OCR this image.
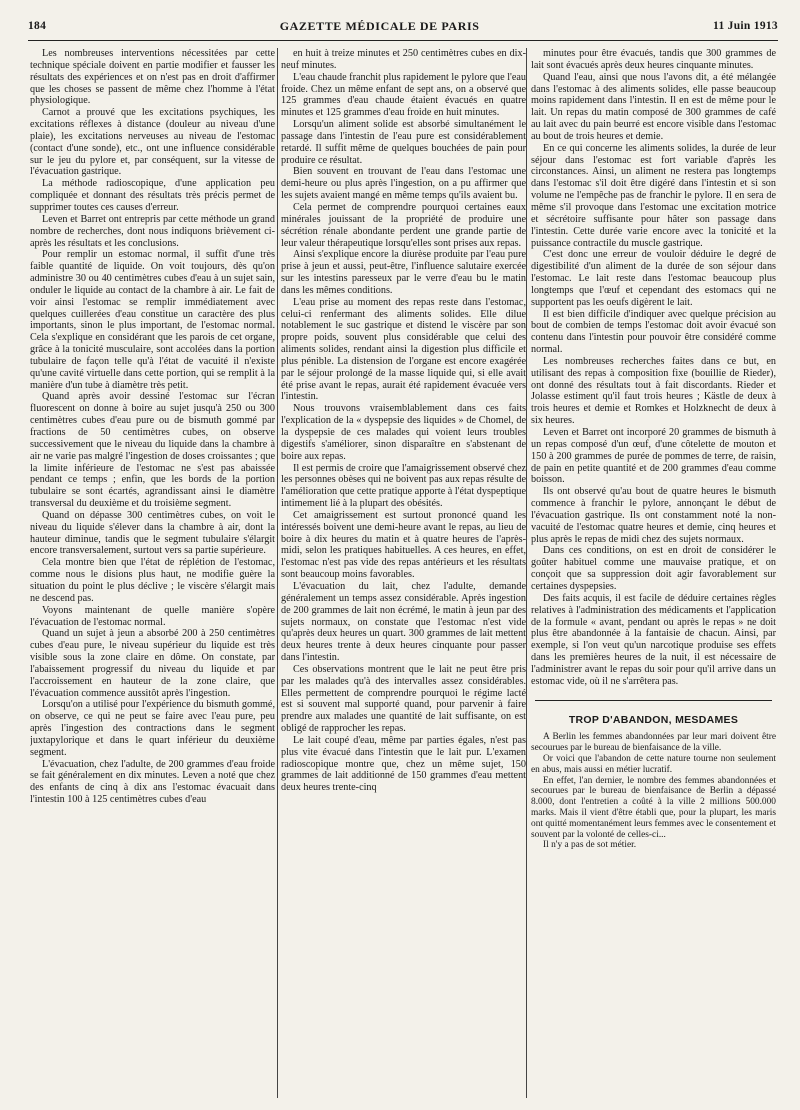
184	GAZETTE MÉDICALE DE PARIS	11 Juin 1913

Les nombreuses interventions nécessitées par cette technique spéciale doivent en partie modifier et fausser les résultats des expériences et on n'est pas en droit d'affirmer que les choses se passent de même chez l'homme à l'état physiologique.

Carnot a prouvé que les excitations psychiques, les excitations réflexes à distance (douleur au niveau d'une plaie), les excitations nerveuses au niveau de l'estomac (contact d'une sonde), etc., ont une influence considérable sur le jeu du pylore et, par conséquent, sur la vitesse de l'évacuation gastrique.

La méthode radioscopique, d'une application peu compliquée et donnant des résultats très précis permet de supprimer toutes ces causes d'erreur.

Leven et Barret ont entrepris par cette méthode un grand nombre de recherches, dont nous indiquons brièvement ci-après les résultats et les conclusions.

Pour remplir un estomac normal, il suffit d'une très faible quantité de liquide. On voit toujours, dès qu'on administre 30 ou 40 centimètres cubes d'eau à un sujet sain, onduler le liquide au contact de la chambre à air. Le fait de voir ainsi l'estomac se remplir immédiatement avec quelques cuillerées d'eau constitue un caractère des plus importants, sinon le plus important, de l'estomac normal. Cela s'explique en considérant que les parois de cet organe, grâce à la tonicité musculaire, sont accolées dans la portion tubulaire de façon telle qu'à l'état de vacuité il n'existe qu'une cavité virtuelle dans cette portion, qui se remplit à la manière d'un tube à diamètre très petit.

Quand après avoir dessiné l'estomac sur l'écran fluorescent on donne à boire au sujet jusqu'à 250 ou 300 centimètres cubes d'eau pure ou de bismuth gommé par fractions de 50 centimètres cubes, on observe successivement que le niveau du liquide dans la chambre à air ne varie pas malgré l'ingestion de doses croissantes ; que la limite inférieure de l'estomac ne s'est pas abaissée pendant ce temps ; enfin, que les bords de la portion tubulaire se sont écartés, agrandissant ainsi le diamètre transversal du deuxième et du troisième segment.

Quand on dépasse 300 centimètres cubes, on voit le niveau du liquide s'élever dans la chambre à air, dont la hauteur diminue, tandis que le segment tubulaire s'élargit encore transversalement, surtout vers sa partie supérieure.

Cela montre bien que l'état de réplétion de l'estomac, comme nous le disions plus haut, ne modifie guère la situation du point le plus déclive ; le viscère s'élargit mais ne descend pas.

Voyons maintenant de quelle manière s'opère l'évacuation de l'estomac normal.

Quand un sujet à jeun a absorbé 200 à 250 centimètres cubes d'eau pure, le niveau supérieur du liquide est très visible sous la zone claire en dôme. On constate, par l'abaissement progressif du niveau du liquide et par l'accroissement en hauteur de la zone claire, que l'évacuation commence aussitôt après l'ingestion.

Lorsqu'on a utilisé pour l'expérience du bismuth gommé, on observe, ce qui ne peut se faire avec l'eau pure, peu après l'ingestion des contractions dans le segment juxtapylorique et dans le quart inférieur du deuxième segment.

L'évacuation, chez l'adulte, de 200 grammes d'eau froide se fait généralement en dix minutes. Leven a noté que chez des enfants de cinq à dix ans l'estomac évacuait dans l'intestin 100 à 125 centimètres cubes d'eau

en huit à treize minutes et 250 centimètres cubes en dix-neuf minutes.

L'eau chaude franchit plus rapidement le pylore que l'eau froide. Chez un même enfant de sept ans, on a observé que 125 grammes d'eau chaude étaient évacués en quatre minutes et 125 grammes d'eau froide en huit minutes.

Lorsqu'un aliment solide est absorbé simultanément le passage dans l'intestin de l'eau pure est considérablement retardé. Il suffit même de quelques bouchées de pain pour produire ce résultat.

Bien souvent en trouvant de l'eau dans l'estomac une demi-heure ou plus après l'ingestion, on a pu affirmer que les sujets avaient mangé en même temps qu'ils avaient bu.

Cela permet de comprendre pourquoi certaines eaux minérales jouissant de la propriété de produire une sécrétion rénale abondante perdent une grande partie de leur valeur thérapeutique lorsqu'elles sont prises aux repas.

Ainsi s'explique encore la diurèse produite par l'eau pure prise à jeun et aussi, peut-être, l'influence salutaire exercée sur les intestins paresseux par le verre d'eau bu le matin dans les mêmes conditions.

L'eau prise au moment des repas reste dans l'estomac, celui-ci renfermant des aliments solides. Elle dilue notablement le suc gastrique et distend le viscère par son propre poids, souvent plus considérable que celui des aliments solides, rendant ainsi la digestion plus difficile et plus pénible. La distension de l'organe est encore exagérée par le séjour prolongé de la masse liquide qui, si elle avait été prise avant le repas, aurait été rapidement évacuée vers l'intestin.

Nous trouvons vraisemblablement dans ces faits l'explication de la « dyspepsie des liquides » de Chomel, de la dyspepsie de ces malades qui voient leurs troubles digestifs s'améliorer, sinon disparaître en s'abstenant de boire aux repas.

Il est permis de croire que l'amaigrissement observé chez les personnes obèses qui ne boivent pas aux repas résulte de l'amélioration que cette pratique apporte à l'état dyspeptique intimement lié à la plupart des obésités.

Cet amaigrissement est surtout prononcé quand les intéressés boivent une demi-heure avant le repas, au lieu de boire à dix heures du matin et à quatre heures de l'après-midi, selon les pratiques habituelles. A ces heures, en effet, l'estomac n'est pas vide des repas antérieurs et les résultats sont beaucoup moins favorables.

L'évacuation du lait, chez l'adulte, demande généralement un temps assez considérable. Après ingestion de 200 grammes de lait non écrémé, le matin à jeun par des sujets normaux, on constate que l'estomac n'est vide qu'après deux heures un quart. 300 grammes de lait mettent deux heures trente à deux heures cinquante pour passer dans l'intestin.

Ces observations montrent que le lait ne peut être pris par les malades qu'à des intervalles assez considérables. Elles permettent de comprendre pourquoi le régime lacté est si souvent mal supporté quand, pour parvenir à faire prendre aux malades une quantité de lait suffisante, on est obligé de rapprocher les repas.

Le lait coupé d'eau, même par parties égales, n'est pas plus vite évacué dans l'intestin que le lait pur. L'examen radioscopique montre que, chez un même sujet, 150 grammes de lait additionné de 150 grammes d'eau mettent deux heures trente-cinq

minutes pour être évacués, tandis que 300 grammes de lait sont évacués après deux heures cinquante minutes.

Quand l'eau, ainsi que nous l'avons dit, a été mélangée dans l'estomac à des aliments solides, elle passe beaucoup moins rapidement dans l'intestin. Il en est de même pour le lait. Un repas du matin composé de 300 grammes de café au lait avec du pain beurré est encore visible dans l'estomac au bout de trois heures et demie.

En ce qui concerne les aliments solides, la durée de leur séjour dans l'estomac est fort variable d'après les circonstances. Ainsi, un aliment ne restera pas longtemps dans l'estomac s'il doit être digéré dans l'intestin et si son volume ne l'empêche pas de franchir le pylore. Il en sera de même s'il provoque dans l'estomac une excitation motrice et sécrétoire suffisante pour hâter son passage dans l'intestin. Cette durée varie encore avec la tonicité et la puissance contractile du muscle gastrique.

C'est donc une erreur de vouloir déduire le degré de digestibilité d'un aliment de la durée de son séjour dans l'estomac. Le lait reste dans l'estomac beaucoup plus longtemps que l'œuf et cependant des estomacs qui ne supportent pas les oeufs digèrent le lait.

Il est bien difficile d'indiquer avec quelque précision au bout de combien de temps l'estomac doit avoir évacué son contenu dans l'intestin pour pouvoir être considéré comme normal.

Les nombreuses recherches faites dans ce but, en utilisant des repas à composition fixe (bouillie de Rieder), ont donné des résultats tout à fait discordants. Rieder et Jolasse estiment qu'il faut trois heures ; Kästle de deux à trois heures et demie et Romkes et Holzknecht de deux à six heures.

Leven et Barret ont incorporé 20 grammes de bismuth à un repas composé d'un œuf, d'une côtelette de mouton et 150 à 200 grammes de purée de pommes de terre, de raisin, de pain en petite quantité et de 200 grammes d'eau comme boisson.

Ils ont observé qu'au bout de quatre heures le bismuth commence à franchir le pylore, annonçant le début de l'évacuation gastrique. Ils ont constamment noté la non-vacuité de l'estomac quatre heures et demie, cinq heures et plus après le repas de midi chez des sujets normaux.

Dans ces conditions, on est en droit de considérer le goûter habituel comme une mauvaise pratique, et on conçoit que sa suppression doit agir favorablement sur certaines dyspepsies.

Des faits acquis, il est facile de déduire certaines règles relatives à l'administration des médicaments et l'application de la formule « avant, pendant ou après le repas » ne doit plus être abandonnée à la fantaisie de chacun. Ainsi, par exemple, si l'on veut qu'un narcotique produise ses effets dans les premières heures de la nuit, il est nécessaire de l'administrer avant le repas du soir pour qu'il arrive dans un estomac vide, où il ne s'arrêtera pas.

TROP D'ABANDON, MESDAMES

A Berlin les femmes abandonnées par leur mari doivent être secourues par le bureau de bienfaisance de la ville.

Or voici que l'abandon de cette nature tourne non seulement en abus, mais aussi en métier lucratif.

En effet, l'an dernier, le nombre des femmes abandonnées et secourues par le bureau de bienfaisance de Berlin a dépassé 8.000, dont l'entretien a coûté à la ville 2 millions 500.000 marks. Mais il vient d'être établi que, pour la plupart, les maris ont quitté momentanément leurs femmes avec le consentement et souvent par la volonté de celles-ci...

Il n'y a pas de sot métier.
